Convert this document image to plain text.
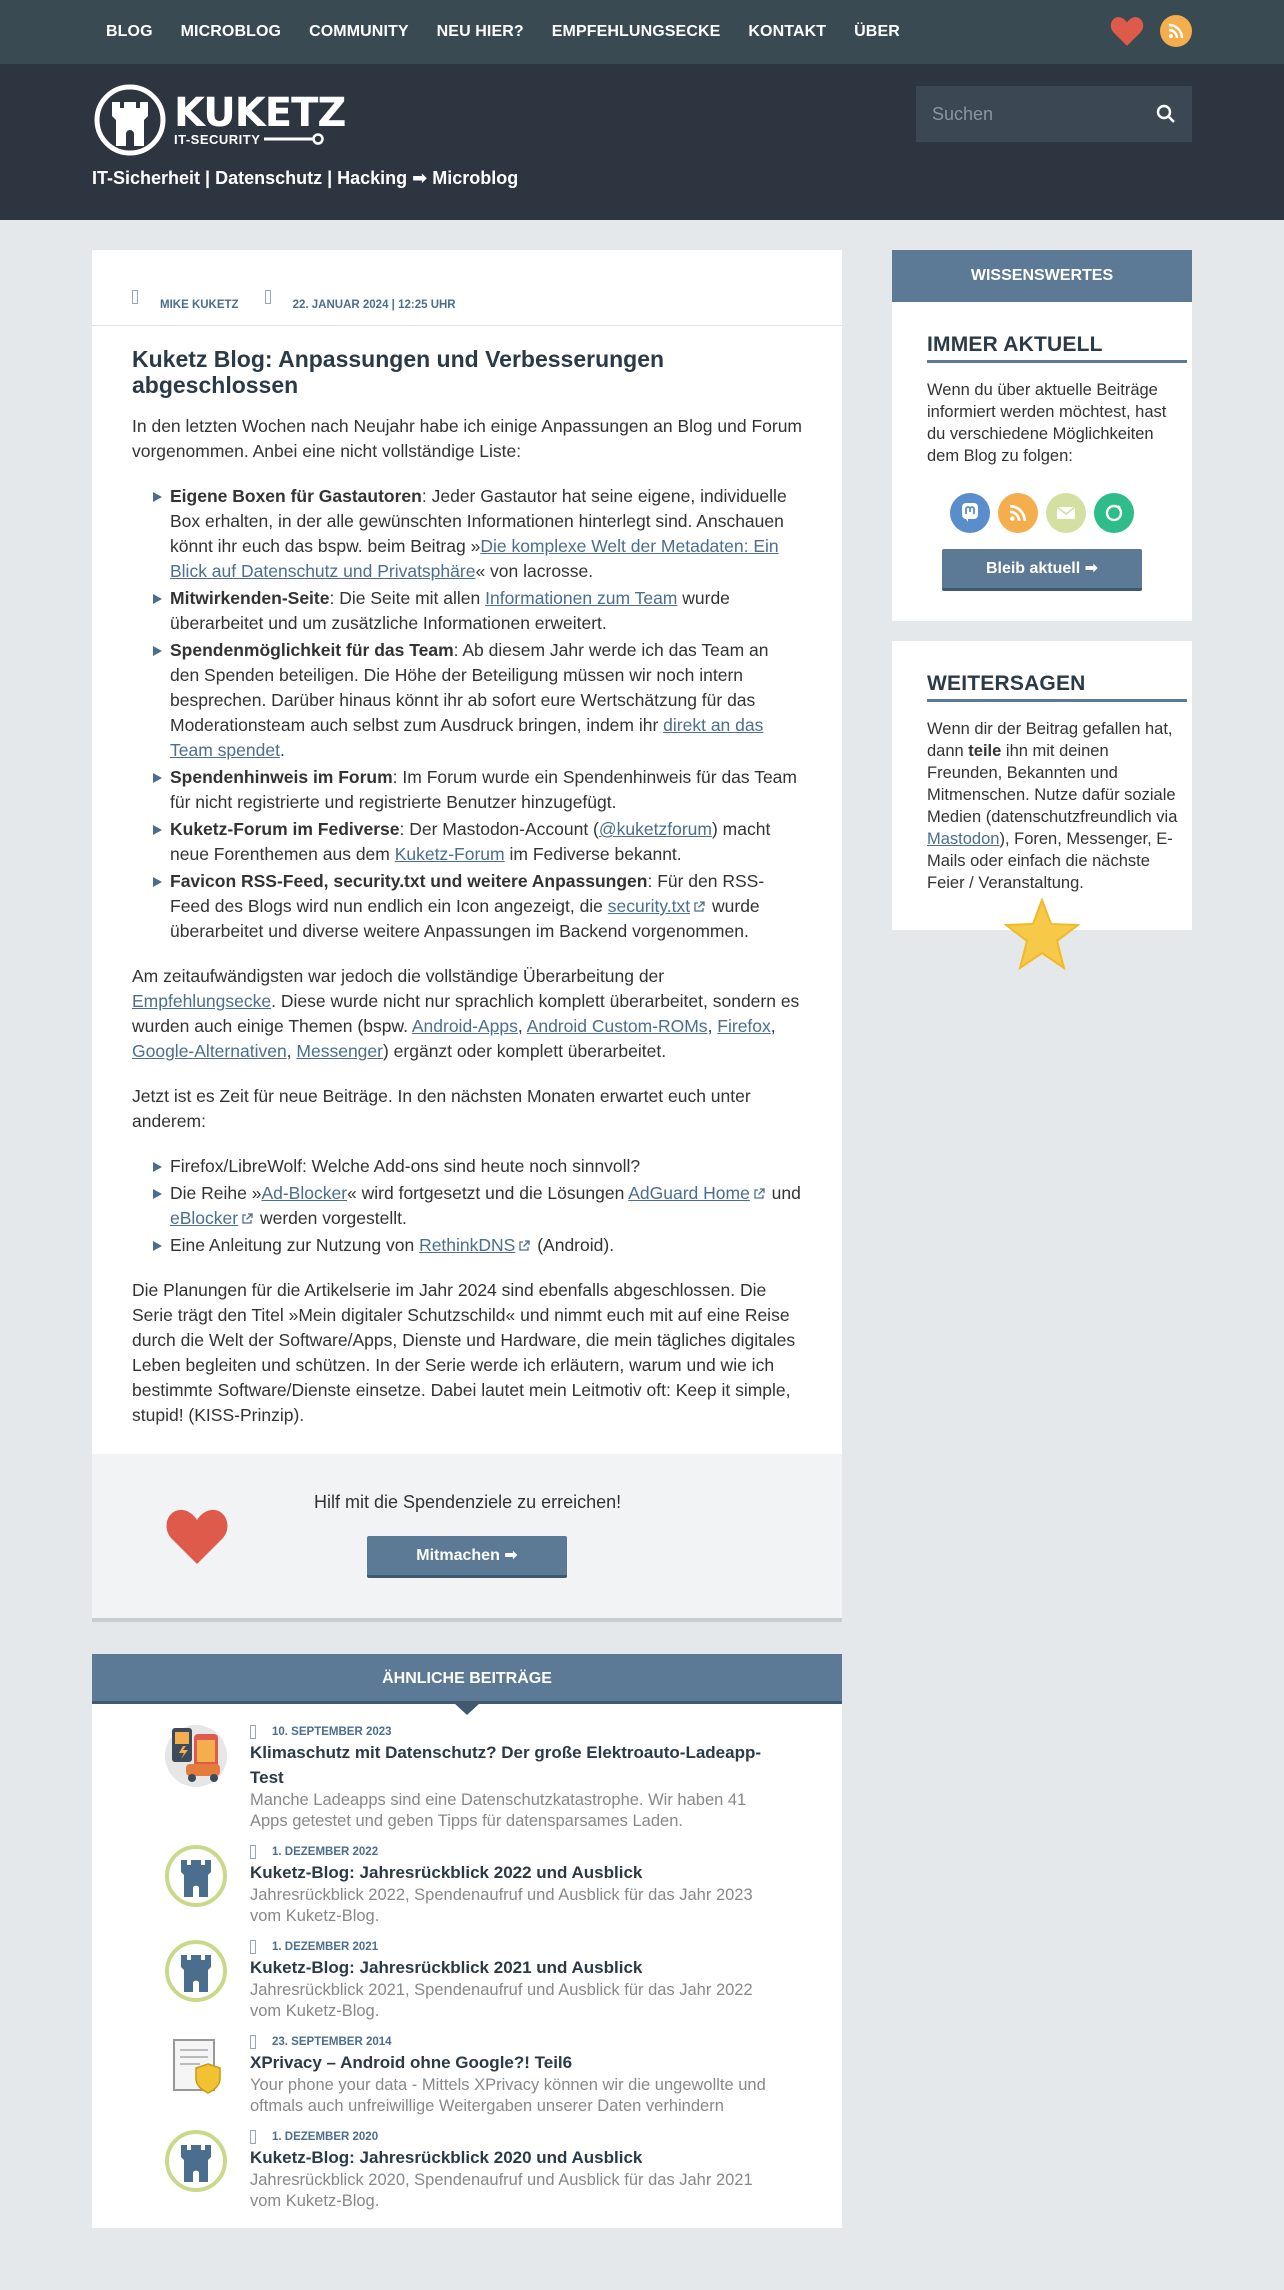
BLOG MICROBLOG COMMUNITY NEU HIER? EMPFEHLUNGSECKE KONTAKT ÜBER
KUKETZ
IT-SECURITY
IT-Sicherheit | Datenschutz | Hacking ➡ Microblog
Suchen
MIKE KUKETZ	22. JANUAR 2024 | 12:25 UHR
Kuketz Blog: Anpassungen und Verbesserungen abgeschlossen

In den letzten Wochen nach Neujahr habe ich einige Anpassungen an Blog und Forum vorgenommen. Anbei eine nicht vollständige Liste:

Eigene Boxen für Gastautoren: Jeder Gastautor hat seine eigene, individuelle Box erhalten, in der alle gewünschten Informationen hinterlegt sind. Anschauen könnt ihr euch das bspw. beim Beitrag »Die komplexe Welt der Metadaten: Ein Blick auf Datenschutz und Privatsphäre« von lacrosse.
Mitwirkenden-Seite: Die Seite mit allen Informationen zum Team wurde überarbeitet und um zusätzliche Informationen erweitert.
Spendenmöglichkeit für das Team: Ab diesem Jahr werde ich das Team an den Spenden beteiligen. Die Höhe der Beteiligung müssen wir noch intern besprechen. Darüber hinaus könnt ihr ab sofort eure Wertschätzung für das Moderationsteam auch selbst zum Ausdruck bringen, indem ihr direkt an das Team spendet.
Spendenhinweis im Forum: Im Forum wurde ein Spendenhinweis für das Team für nicht registrierte und registrierte Benutzer hinzugefügt.
Kuketz-Forum im Fediverse: Der Mastodon-Account (@kuketzforum) macht neue Forenthemen aus dem Kuketz-Forum im Fediverse bekannt.
Favicon RSS-Feed, security.txt und weitere Anpassungen: Für den RSS-Feed des Blogs wird nun endlich ein Icon angezeigt, die security.txt wurde überarbeitet und diverse weitere Anpassungen im Backend vorgenommen.

Am zeitaufwändigsten war jedoch die vollständige Überarbeitung der Empfehlungsecke. Diese wurde nicht nur sprachlich komplett überarbeitet, sondern es wurden auch einige Themen (bspw. Android-Apps, Android Custom-ROMs, Firefox, Google-Alternativen, Messenger) ergänzt oder komplett überarbeitet.

Jetzt ist es Zeit für neue Beiträge. In den nächsten Monaten erwartet euch unter anderem:

Firefox/LibreWolf: Welche Add-ons sind heute noch sinnvoll?
Die Reihe »Ad-Blocker« wird fortgesetzt und die Lösungen AdGuard Home und eBlocker werden vorgestellt.
Eine Anleitung zur Nutzung von RethinkDNS (Android).

Die Planungen für die Artikelserie im Jahr 2024 sind ebenfalls abgeschlossen. Die Serie trägt den Titel »Mein digitaler Schutzschild« und nimmt euch mit auf eine Reise durch die Welt der Software/Apps, Dienste und Hardware, die mein tägliches digitales Leben begleiten und schützen. In der Serie werde ich erläutern, warum und wie ich bestimmte Software/Dienste einsetze. Dabei lautet mein Leitmotiv oft: Keep it simple, stupid! (KISS-Prinzip).

Hilf mit die Spendenziele zu erreichen!
Mitmachen ➡
ÄHNLICHE BEITRÄGE
10. SEPTEMBER 2023
Klimaschutz mit Datenschutz? Der große Elektroauto-Ladeapp-Test
Manche Ladeapps sind eine Datenschutzkatastrophe. Wir haben 41 Apps getestet und geben Tipps für datensparsames Laden.
1. DEZEMBER 2022
Kuketz-Blog: Jahresrückblick 2022 und Ausblick
Jahresrückblick 2022, Spendenaufruf und Ausblick für das Jahr 2023 vom Kuketz-Blog.
1. DEZEMBER 2021
Kuketz-Blog: Jahresrückblick 2021 und Ausblick
Jahresrückblick 2021, Spendenaufruf und Ausblick für das Jahr 2022 vom Kuketz-Blog.
23. SEPTEMBER 2014
XPrivacy – Android ohne Google?! Teil6
Your phone your data - Mittels XPrivacy können wir die ungewollte und oftmals auch unfreiwillige Weitergaben unserer Daten verhindern
1. DEZEMBER 2020
Kuketz-Blog: Jahresrückblick 2020 und Ausblick
Jahresrückblick 2020, Spendenaufruf und Ausblick für das Jahr 2021 vom Kuketz-Blog.
WISSENSWERTES
IMMER AKTUELL
Wenn du über aktuelle Beiträge informiert werden möchtest, hast du verschiedene Möglichkeiten dem Blog zu folgen:
Bleib aktuell ➡
WEITERSAGEN
Wenn dir der Beitrag gefallen hat, dann teile ihn mit deinen Freunden, Bekannten und Mitmenschen. Nutze dafür soziale Medien (datenschutzfreundlich via Mastodon), Foren, Messenger, E-Mails oder einfach die nächste Feier / Veranstaltung.
